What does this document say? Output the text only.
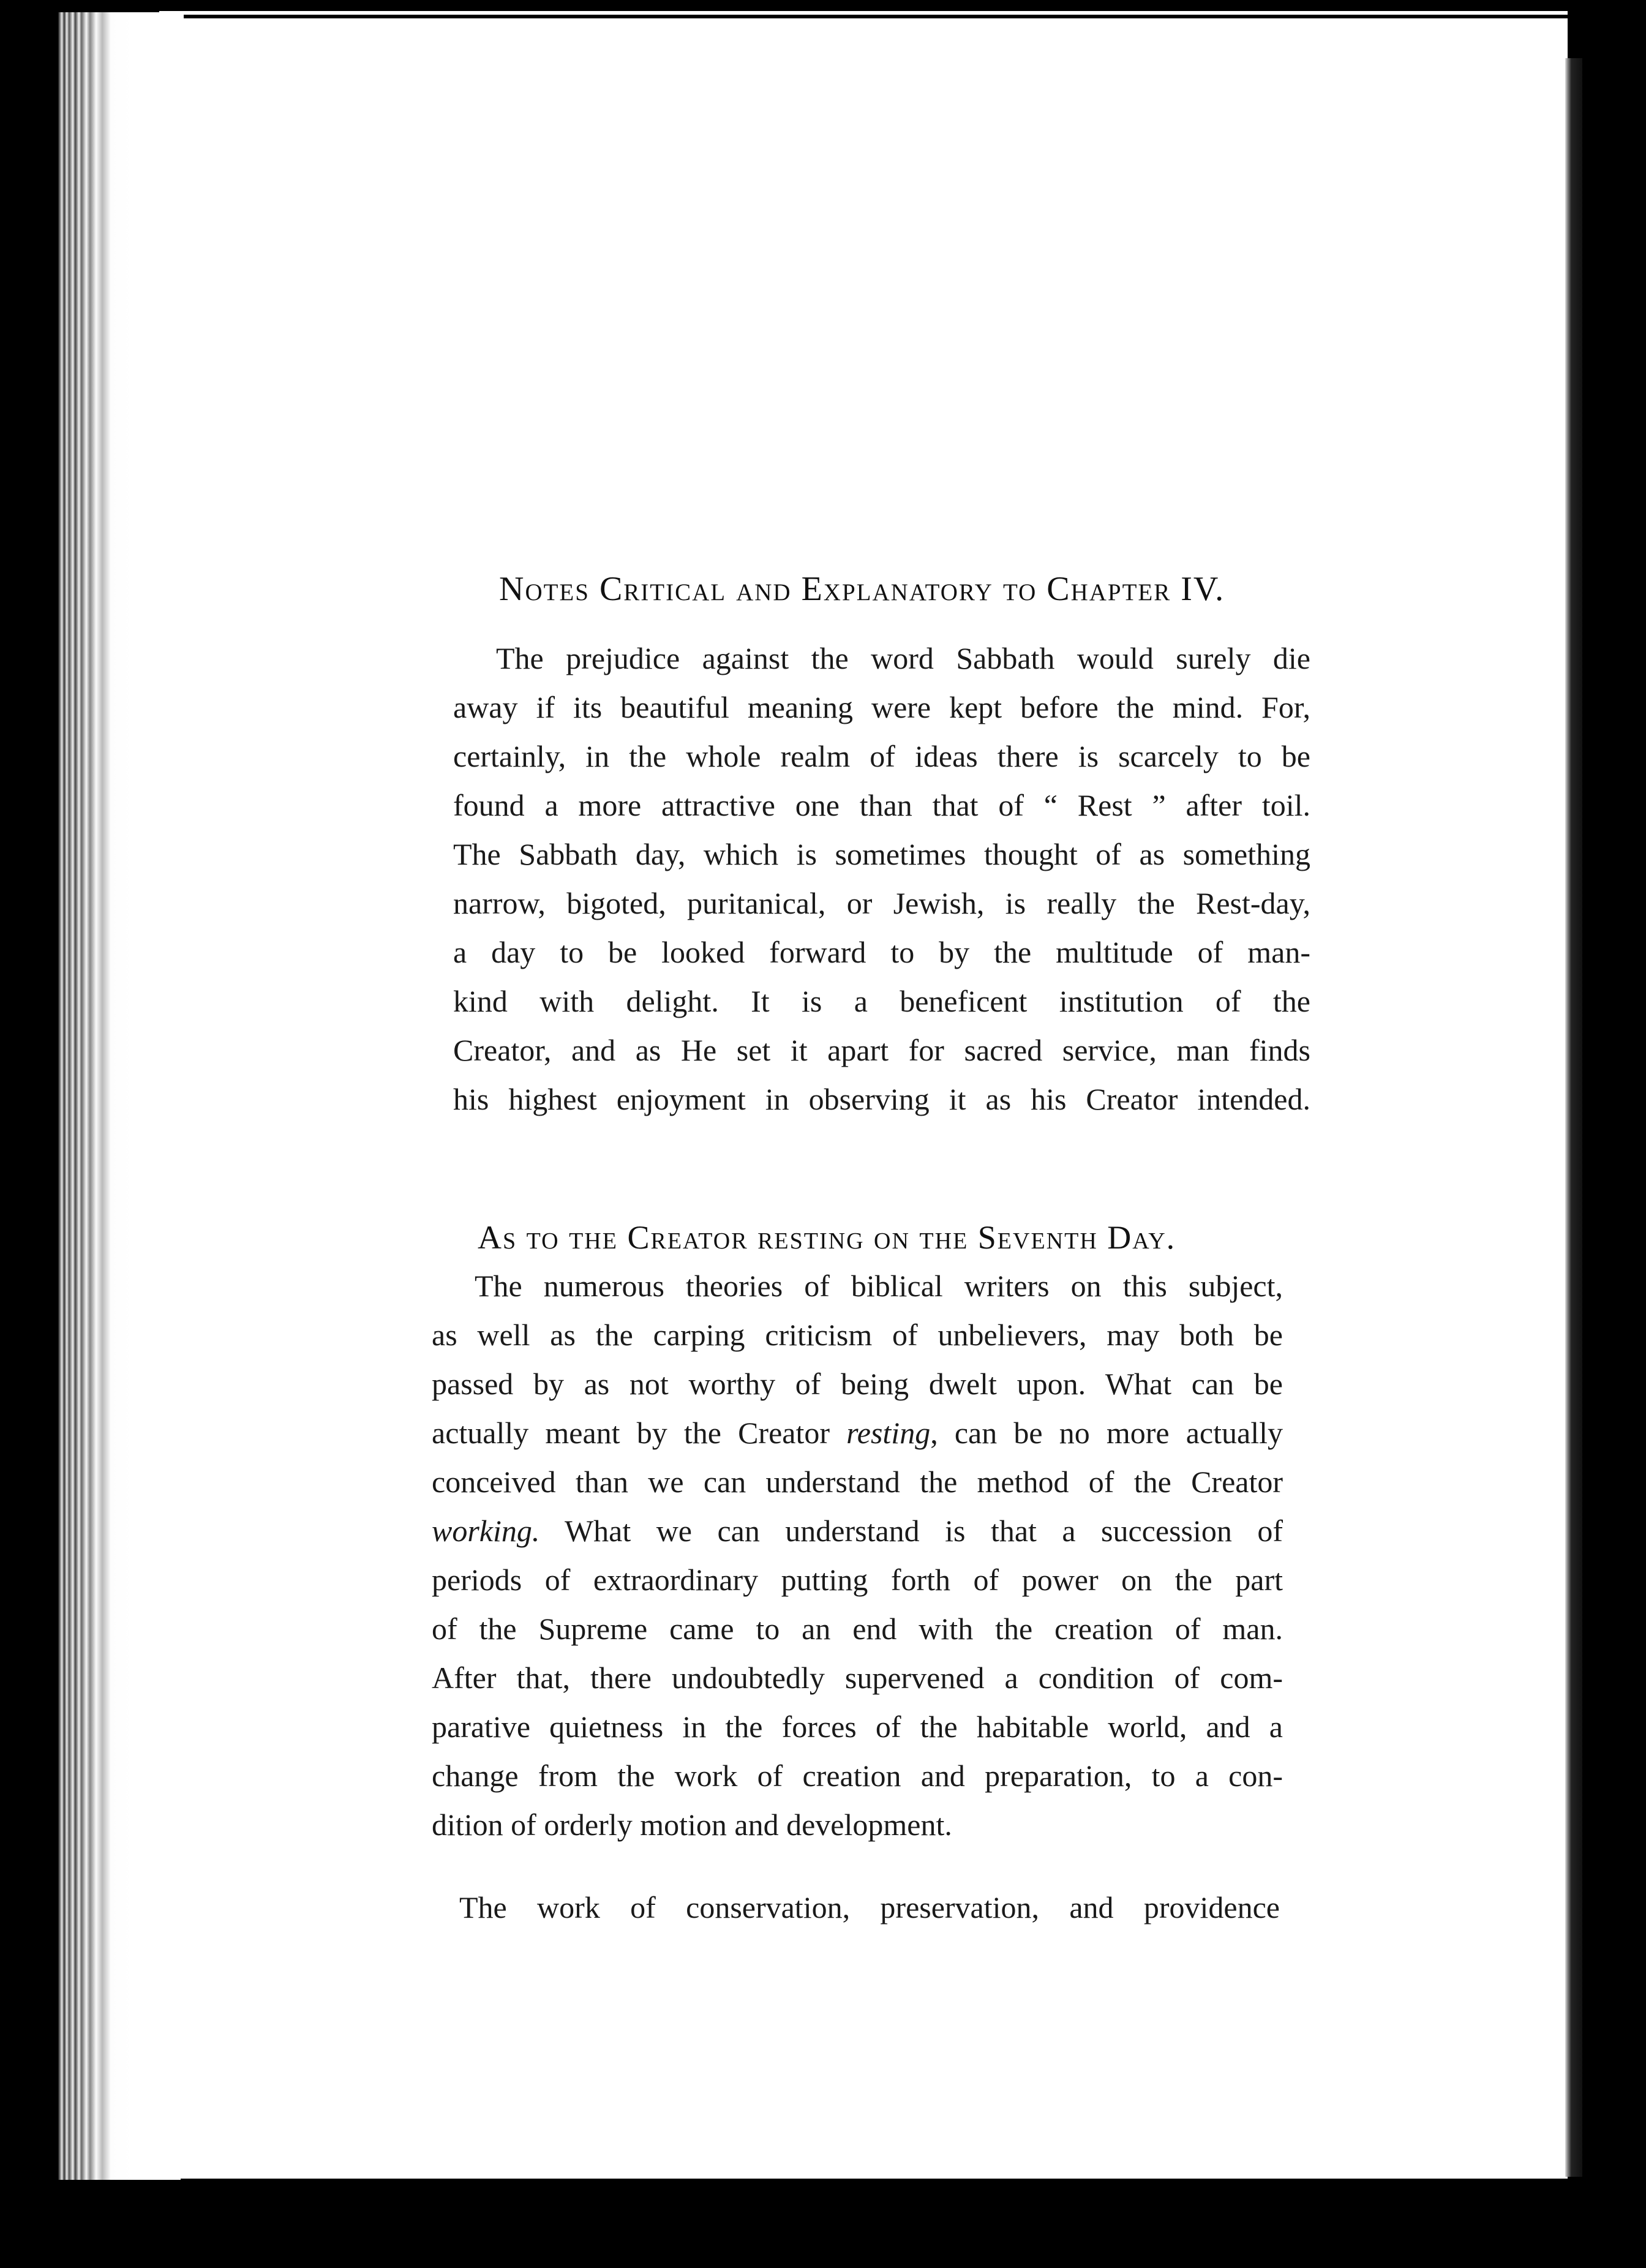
Notes Critical and Explanatory to Chapter IV.
The prejudice against the word Sabbath would surely die
away if its beautiful meaning were kept before the mind. For,
certainly, in the whole realm of ideas there is scarcely to be
found a more attractive one than that of “ Rest ” after toil.
The Sabbath day, which is sometimes thought of as something
narrow, bigoted, puritanical, or Jewish, is really the Rest-day,
a day to be looked forward to by the multitude of man-
kind with delight. It is a beneficent institution of the
Creator, and as He set it apart for sacred service, man finds
his highest enjoyment in observing it as his Creator intended.
As to the Creator resting on the Seventh Day.
The numerous theories of biblical writers on this subject,
as well as the carping criticism of unbelievers, may both be
passed by as not worthy of being dwelt upon. What can be
actually meant by the Creator resting, can be no more actually
conceived than we can understand the method of the Creator
working. What we can understand is that a succession of
periods of extraordinary putting forth of power on the part
of the Supreme came to an end with the creation of man.
After that, there undoubtedly supervened a condition of com-
parative quietness in the forces of the habitable world, and a
change from the work of creation and preparation, to a con-
dition of orderly motion and development.
The work of conservation, preservation, and providence
